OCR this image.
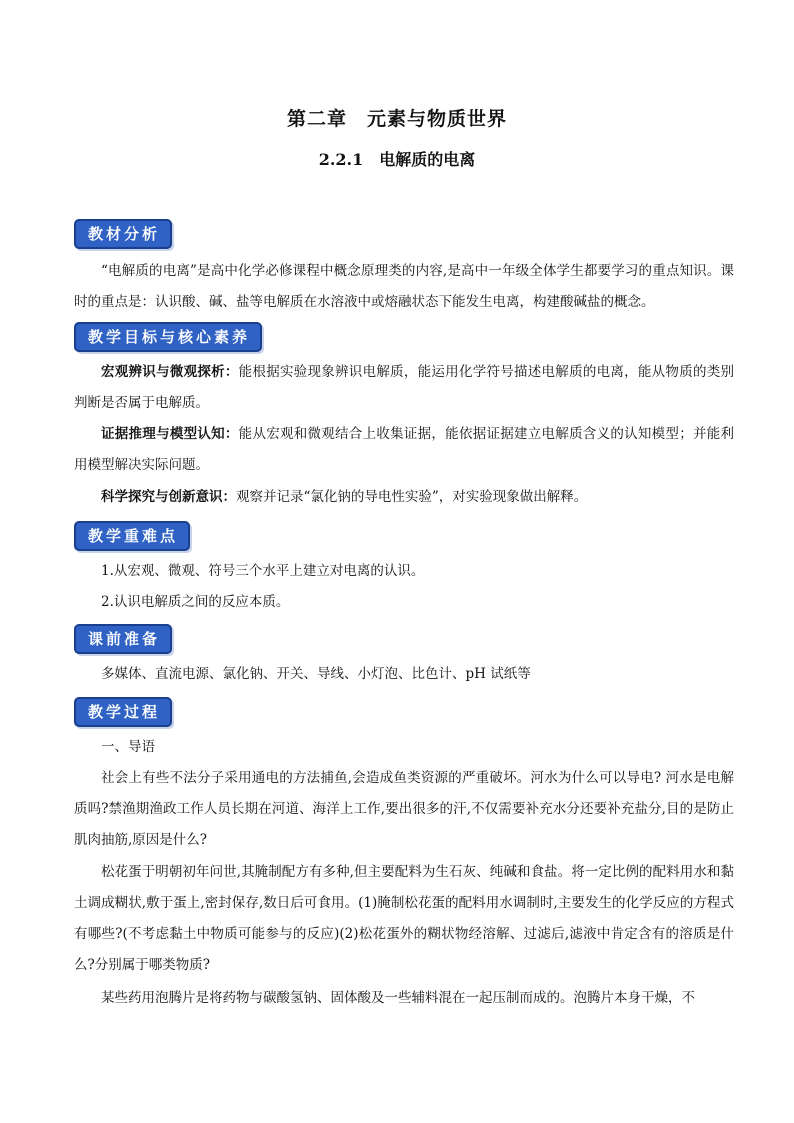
第二章　元素与物质世界
2.2.1　电解质的电离
教材分析
“电解质的电离”是高中化学必修课程中概念原理类的内容,是高中一年级全体学生都要学习的重点知识。课时的重点是：认识酸、碱、盐等电解质在水溶液中或熔融状态下能发生电离，构建酸碱盐的概念。
教学目标与核心素养
宏观辨识与微观探析：能根据实验现象辨识电解质，能运用化学符号描述电解质的电离，能从物质的类别判断是否属于电解质。
证据推理与模型认知：能从宏观和微观结合上收集证据，能依据证据建立电解质含义的认知模型；并能利用模型解决实际问题。
科学探究与创新意识：观察并记录“氯化钠的导电性实验”，对实验现象做出解释。
教学重难点
1.从宏观、微观、符号三个水平上建立对电离的认识。
2.认识电解质之间的反应本质。
课前准备
多媒体、直流电源、氯化钠、开关、导线、小灯泡、比色计、pH 试纸等
教学过程
一、导语
社会上有些不法分子采用通电的方法捕鱼,会造成鱼类资源的严重破坏。河水为什么可以导电? 河水是电解质吗?禁渔期渔政工作人员长期在河道、海洋上工作,要出很多的汗,不仅需要补充水分还要补充盐分,目的是防止肌肉抽筋,原因是什么?
松花蛋于明朝初年问世,其腌制配方有多种,但主要配料为生石灰、纯碱和食盐。将一定比例的配料用水和黏土调成糊状,敷于蛋上,密封保存,数日后可食用。(1)腌制松花蛋的配料用水调制时,主要发生的化学反应的方程式有哪些?(不考虑黏土中物质可能参与的反应)(2)松花蛋外的糊状物经溶解、过滤后,滤液中肯定含有的溶质是什么?分别属于哪类物质?
某些药用泡腾片是将药物与碳酸氢钠、固体酸及一些辅料混在一起压制而成的。泡腾片本身干燥，不
